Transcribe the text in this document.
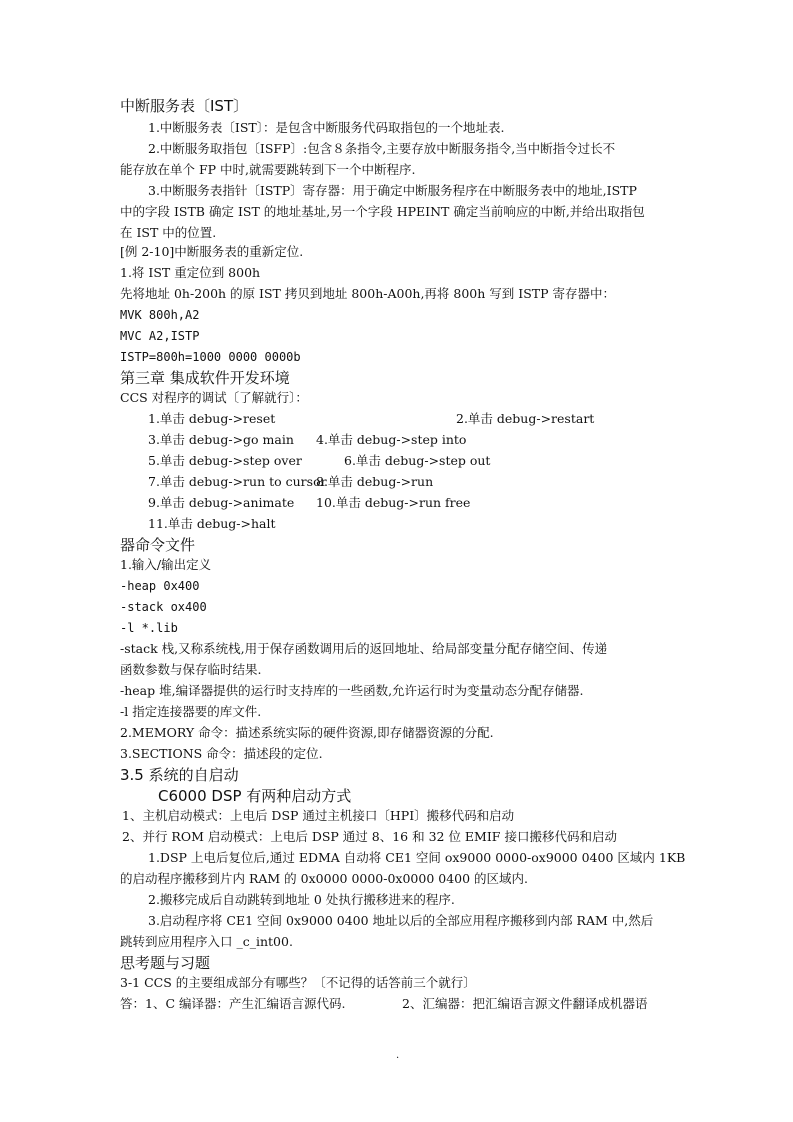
中断服务表〔IST〕
1.中断服务表〔IST〕：是包含中断服务代码取指包的一个地址表.
2.中断服务取指包〔ISFP〕:包含８条指令,主要存放中断服务指令,当中断指令过长不
能存放在单个 FP 中时,就需要跳转到下一个中断程序.
3.中断服务表指针〔ISTP〕寄存器：用于确定中断服务程序在中断服务表中的地址,ISTP
中的字段 ISTB 确定 IST 的地址基址,另一个字段 HPEINT 确定当前响应的中断,并给出取指包
在 IST 中的位置.
[例 2-10]中断服务表的重新定位.
1.将 IST 重定位到 800h
先将地址 0h-200h 的原 IST 拷贝到地址 800h-A00h,再将 800h 写到 ISTP 寄存器中：
MVK 800h,A2
MVC A2,ISTP
ISTP=800h=1000 0000 0000b
第三章 集成软件开发环境
CCS 对程序的调试〔了解就行〕：
1.单击 debug->reset	2.单击 debug->restart
3.单击 debug->go main 4.单击 debug->step into
5.单击 debug->step over	6.单击 debug->step out
7.单击 debug->run to cursor
8.单击 debug->run
9.单击 debug->animate 10.单击 debug->run free
11.单击 debug->halt
器命令文件
1.输入/输出定义
-heap 0x400
-stack ox400
-l *.lib
-stack 栈,又称系统栈,用于保存函数调用后的返回地址、给局部变量分配存储空间、传递
函数参数与保存临时结果.
-heap 堆,编译器提供的运行时支持库的一些函数,允许运行时为变量动态分配存储器.
-l 指定连接器要的库文件.
2.MEMORY 命令：描述系统实际的硬件资源,即存储器资源的分配.
3.SECTIONS 命令：描述段的定位.
3.5 系统的自启动
C6000 DSP 有两种启动方式
1、主机启动模式：上电后 DSP 通过主机接口〔HPI〕搬移代码和启动
2、并行 ROM 启动模式：上电后 DSP 通过 8、16 和 32 位 EMIF 接口搬移代码和启动
1.DSP 上电后复位后,通过 EDMA 自动将 CE1 空间 ox9000 0000-ox9000 0400 区域内 1KB
的启动程序搬移到片内 RAM 的 0x0000 0000-0x0000 0400 的区域内.
2.搬移完成后自动跳转到地址 0 处执行搬移进来的程序.
3.启动程序将 CE1 空间 0x9000 0400 地址以后的全部应用程序搬移到内部 RAM 中,然后
跳转到应用程序入口 _c_int00.
思考题与习题
3-1 CCS 的主要组成部分有哪些？〔不记得的话答前三个就行〕
答：1、C 编译器：产生汇编语言源代码.	2、汇编器：把汇编语言源文件翻译成机器语
.
